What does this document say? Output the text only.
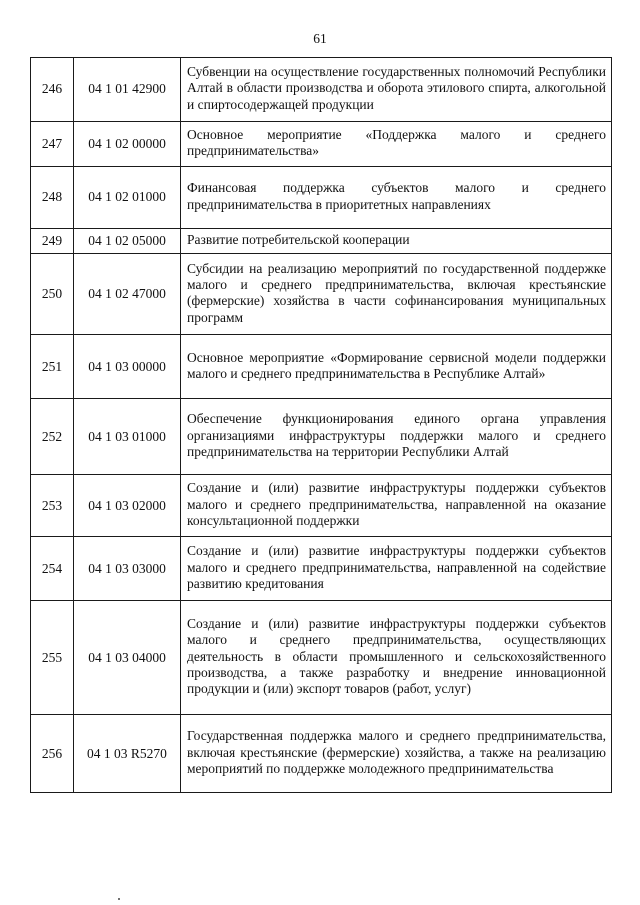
61
246	04 1 01 42900	Субвенции на осуществление государственных полномочий Республики Алтай в области производства и оборота этилового спирта, алкогольной и спиртосодержащей продукции
247	04 1 02 00000	Основное мероприятие «Поддержка малого и среднего предпринимательства»
248	04 1 02 01000	Финансовая поддержка субъектов малого и среднего предпринимательства в приоритетных направлениях
249	04 1 02 05000	Развитие потребительской кооперации
250	04 1 02 47000	Субсидии на реализацию мероприятий по государственной поддержке малого и среднего предпринимательства, включая крестьянские (фермерские) хозяйства в части софинансирования муниципальных программ
251	04 1 03 00000	Основное мероприятие «Формирование сервисной модели поддержки малого и среднего предпринимательства в Республике Алтай»
252	04 1 03 01000	Обеспечение функционирования единого органа управления организациями инфраструктуры поддержки малого и среднего предпринимательства на территории Республики Алтай
253	04 1 03 02000	Создание и (или) развитие инфраструктуры поддержки субъектов малого и среднего предпринимательства, направленной на оказание консультационной поддержки
254	04 1 03 03000	Создание и (или) развитие инфраструктуры поддержки субъектов малого и среднего предпринимательства, направленной на содействие развитию кредитования
255	04 1 03 04000	Создание и (или) развитие инфраструктуры поддержки субъектов малого и среднего предпринимательства, осуществляющих деятельность в области промышленного и сельскохозяйственного производства, а также разработку и внедрение инновационной продукции и (или) экспорт товаров (работ, услуг)
256	04 1 03 R5270	Государственная поддержка малого и среднего предпринимательства, включая крестьянские (фермерские) хозяйства, а также на реализацию мероприятий по поддержке молодежного предпринимательства
